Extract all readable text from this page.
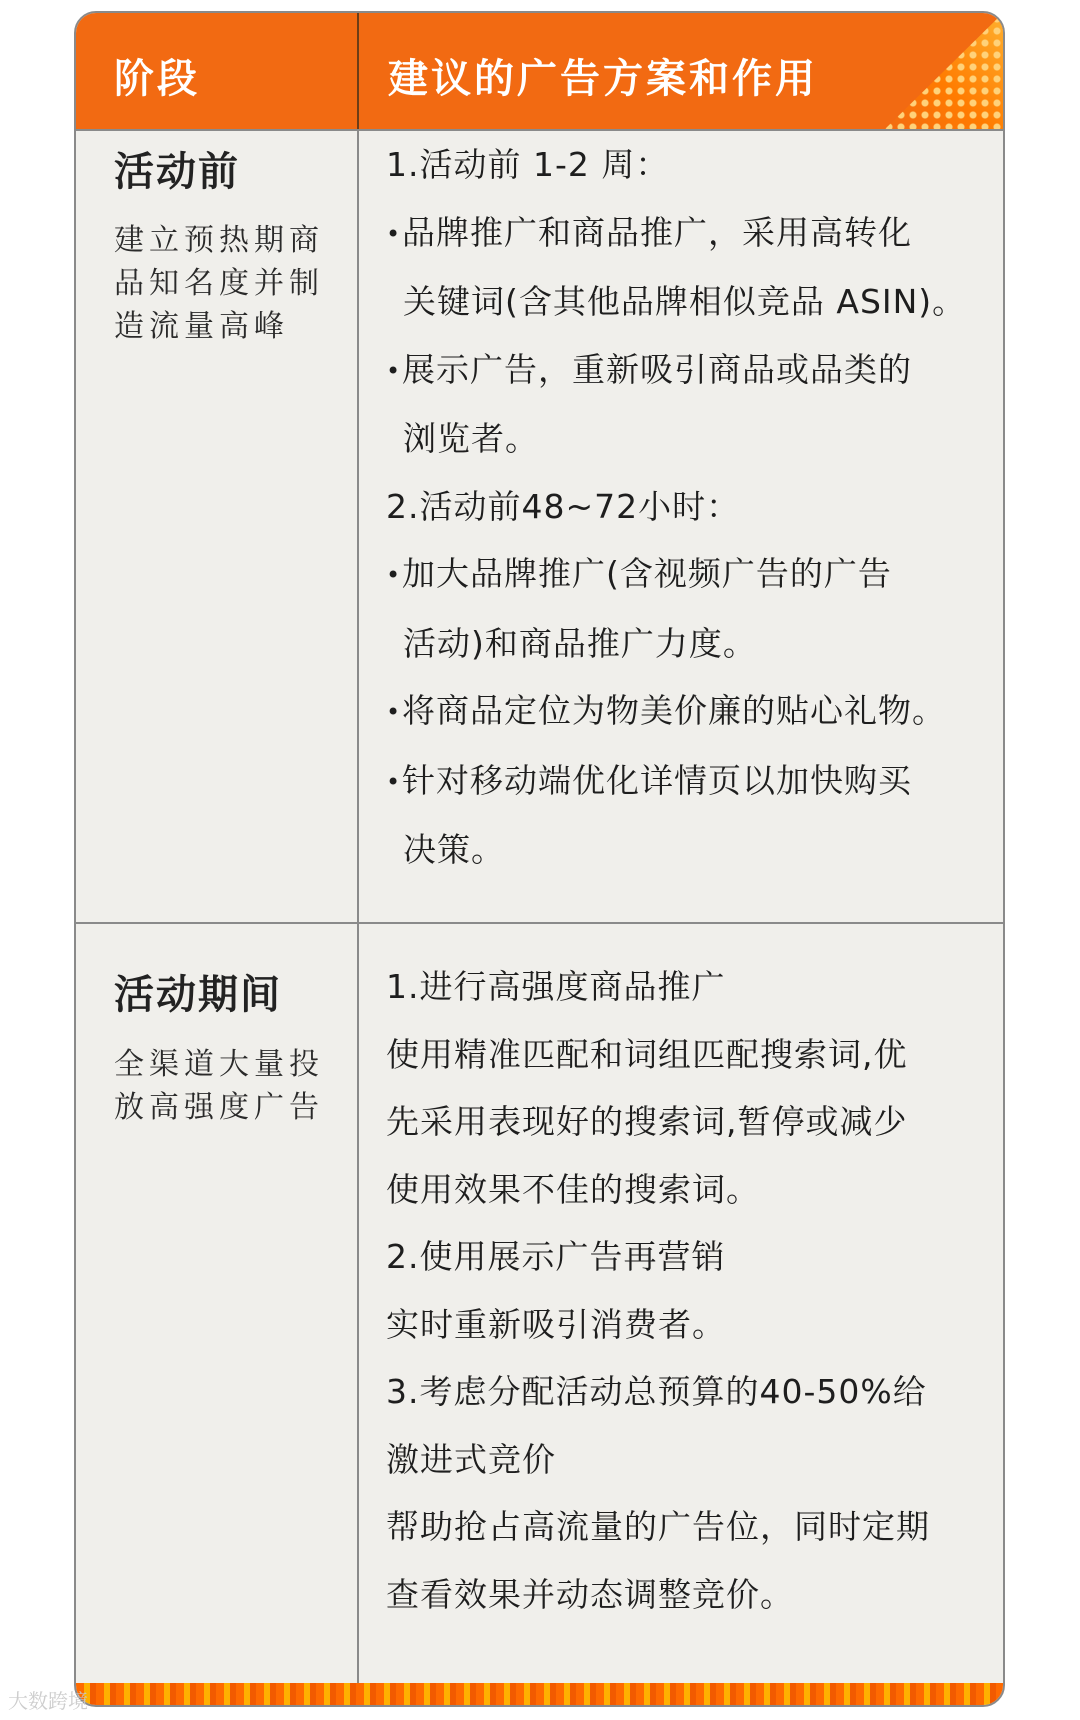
阶段	建议的广告方案和作用
活动前
建立预热期商品知名度并制造流量高峰
1.活动前 1-2 周：
•品牌推广和商品推广，采用高转化
关键词(含其他品牌相似竞品 ASIN)。
•展示广告，重新吸引商品或品类的
浏览者。
2.活动前48~72小时：
•加大品牌推广(含视频广告的广告
活动)和商品推广力度。
•将商品定位为物美价廉的贴心礼物。
•针对移动端优化详情页以加快购买
决策。
活动期间
全渠道大量投放高强度广告
1.进行高强度商品推广
使用精准匹配和词组匹配搜索词,优
先采用表现好的搜索词,暂停或减少
使用效果不佳的搜索词。
2.使用展示广告再营销
实时重新吸引消费者。
3.考虑分配活动总预算的40-50%给
激进式竞价
帮助抢占高流量的广告位，同时定期
查看效果并动态调整竞价。
大数跨境
